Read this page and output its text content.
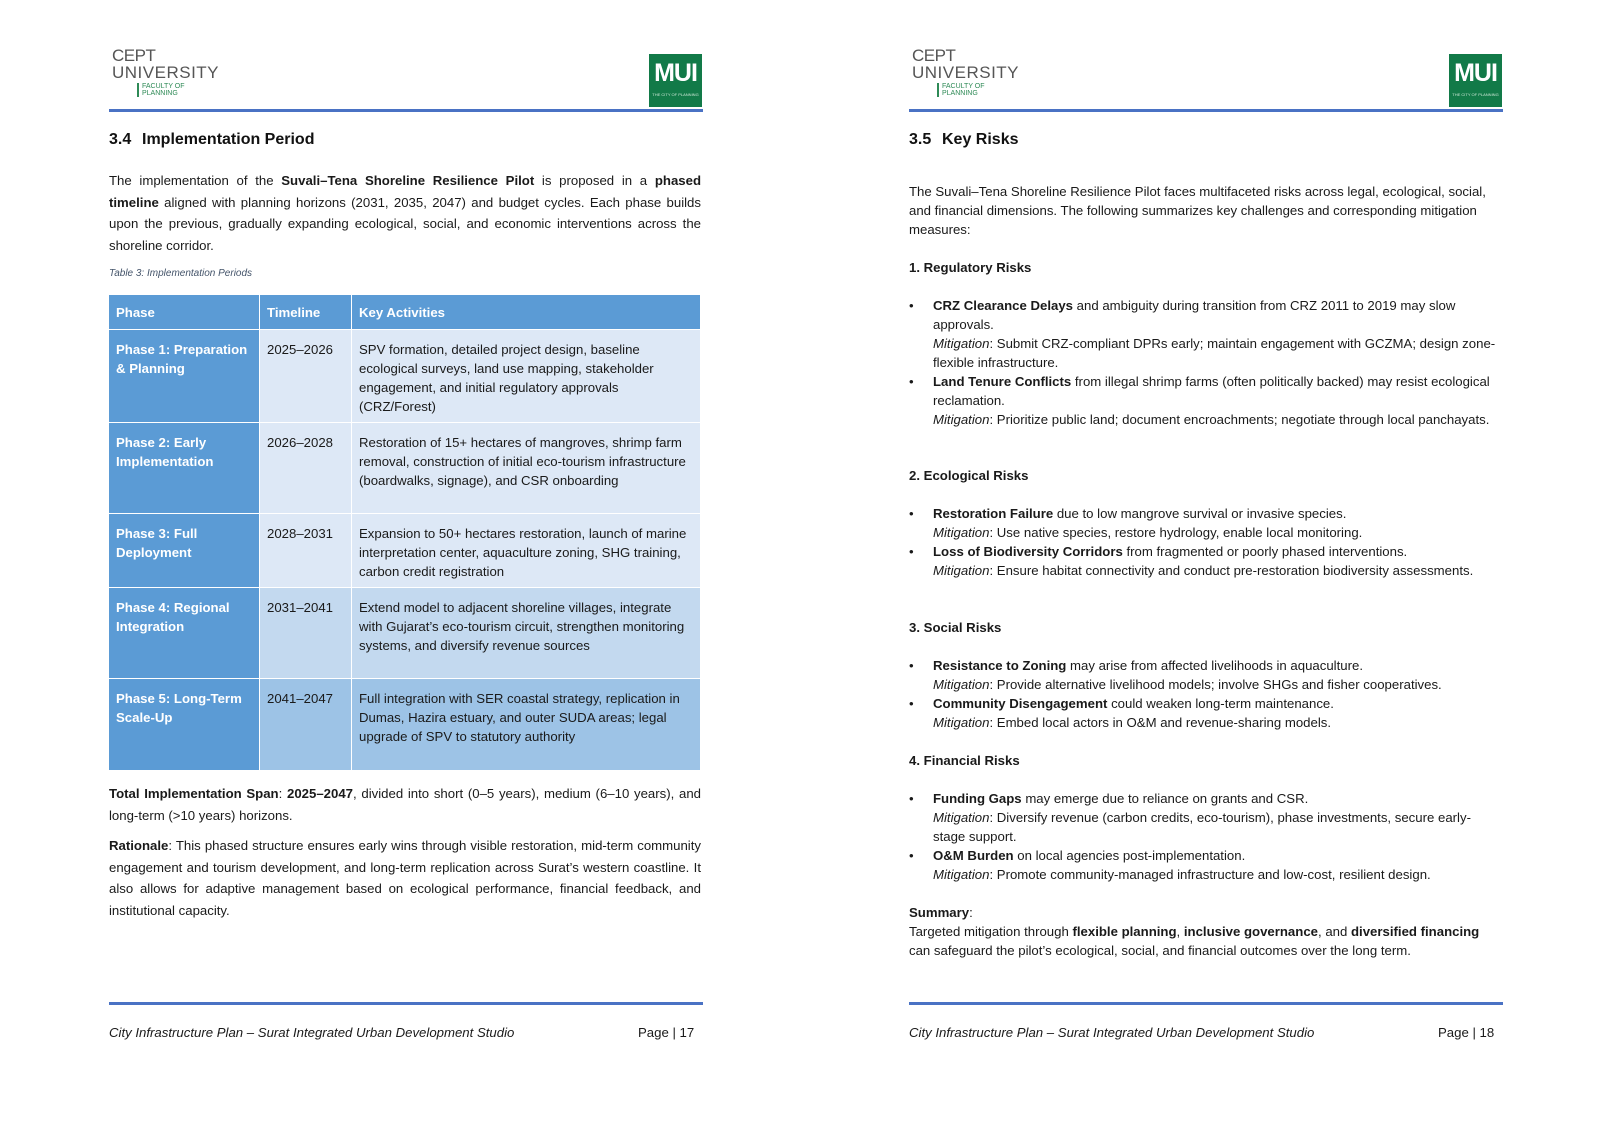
CEPT
UNIVERSITY
FACULTY OF PLANNING
MUI
THE CITY OF PLANNING
3.4 Implementation Period
The implementation of the Suvali–Tena Shoreline Resilience Pilot is proposed in a phased timeline aligned with planning horizons (2031, 2035, 2047) and budget cycles. Each phase builds upon the previous, gradually expanding ecological, social, and economic interventions across the shoreline corridor.
Table 3: Implementation Periods
Phase	Timeline	Key Activities
Phase 1: Preparation & Planning	2025–2026	SPV formation, detailed project design, baseline ecological surveys, land use mapping, stakeholder engagement, and initial regulatory approvals (CRZ/Forest)
Phase 2: Early Implementation	2026–2028	Restoration of 15+ hectares of mangroves, shrimp farm removal, construction of initial eco-tourism infrastructure (boardwalks, signage), and CSR onboarding
Phase 3: Full Deployment	2028–2031	Expansion to 50+ hectares restoration, launch of marine interpretation center, aquaculture zoning, SHG training, carbon credit registration
Phase 4: Regional Integration	2031–2041	Extend model to adjacent shoreline villages, integrate with Gujarat’s eco-tourism circuit, strengthen monitoring systems, and diversify revenue sources
Phase 5: Long-Term Scale-Up	2041–2047	Full integration with SER coastal strategy, replication in Dumas, Hazira estuary, and outer SUDA areas; legal upgrade of SPV to statutory authority
Total Implementation Span: 2025–2047, divided into short (0–5 years), medium (6–10 years), and long-term (>10 years) horizons.
Rationale: This phased structure ensures early wins through visible restoration, mid-term community engagement and tourism development, and long-term replication across Surat’s western coastline. It also allows for adaptive management based on ecological performance, financial feedback, and institutional capacity.
City Infrastructure Plan – Surat Integrated Urban Development Studio	Page | 17
CEPT
UNIVERSITY
FACULTY OF PLANNING
MUI
THE CITY OF PLANNING
3.5 Key Risks
The Suvali–Tena Shoreline Resilience Pilot faces multifaceted risks across legal, ecological, social, and financial dimensions. The following summarizes key challenges and corresponding mitigation measures:
1. Regulatory Risks
• CRZ Clearance Delays and ambiguity during transition from CRZ 2011 to 2019 may slow approvals.
Mitigation: Submit CRZ-compliant DPRs early; maintain engagement with GCZMA; design zone-flexible infrastructure.
• Land Tenure Conflicts from illegal shrimp farms (often politically backed) may resist ecological reclamation.
Mitigation: Prioritize public land; document encroachments; negotiate through local panchayats.
2. Ecological Risks
• Restoration Failure due to low mangrove survival or invasive species.
Mitigation: Use native species, restore hydrology, enable local monitoring.
• Loss of Biodiversity Corridors from fragmented or poorly phased interventions.
Mitigation: Ensure habitat connectivity and conduct pre-restoration biodiversity assessments.
3. Social Risks
• Resistance to Zoning may arise from affected livelihoods in aquaculture.
Mitigation: Provide alternative livelihood models; involve SHGs and fisher cooperatives.
• Community Disengagement could weaken long-term maintenance.
Mitigation: Embed local actors in O&M and revenue-sharing models.
4. Financial Risks
• Funding Gaps may emerge due to reliance on grants and CSR.
Mitigation: Diversify revenue (carbon credits, eco-tourism), phase investments, secure early-stage support.
• O&M Burden on local agencies post-implementation.
Mitigation: Promote community-managed infrastructure and low-cost, resilient design.
Summary:
Targeted mitigation through flexible planning, inclusive governance, and diversified financing can safeguard the pilot’s ecological, social, and financial outcomes over the long term.
City Infrastructure Plan – Surat Integrated Urban Development Studio	Page | 18
